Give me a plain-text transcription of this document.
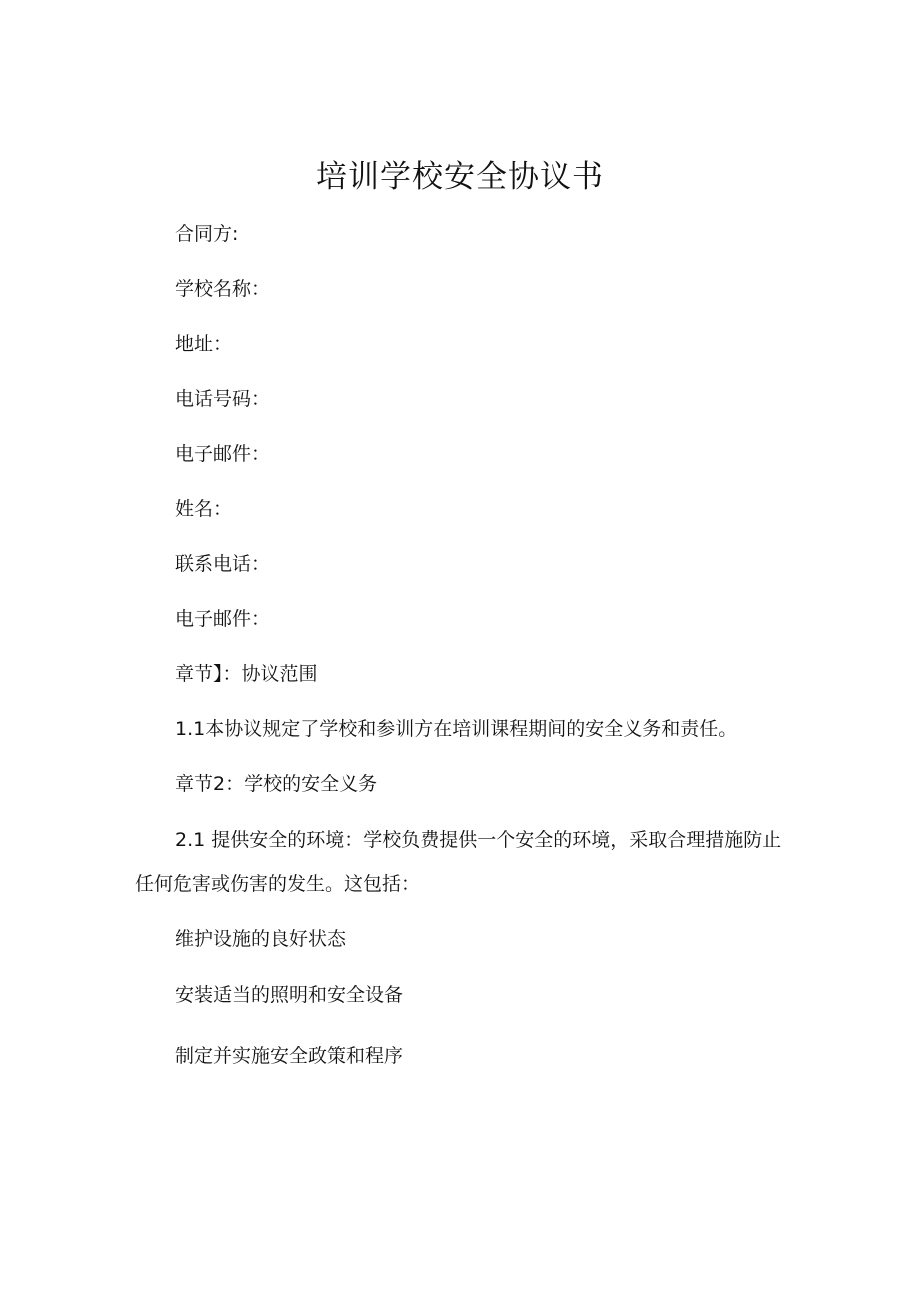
培训学校安全协议书

合同方:

学校名称：

地址：

电话号码：

电子邮件：

姓名：

联系电话：

电子邮件：

章节】：协议范围

1.1本协议规定了学校和参训方在培训课程期间的安全义务和责任。

章节2：学校的安全义务

2.1 提供安全的环境：学校负费提供一个安全的环境，采取合理措施防止任何危害或伤害的发生。这包括：

维护设施的良好状态

安装适当的照明和安全设备

制定并实施安全政策和程序
